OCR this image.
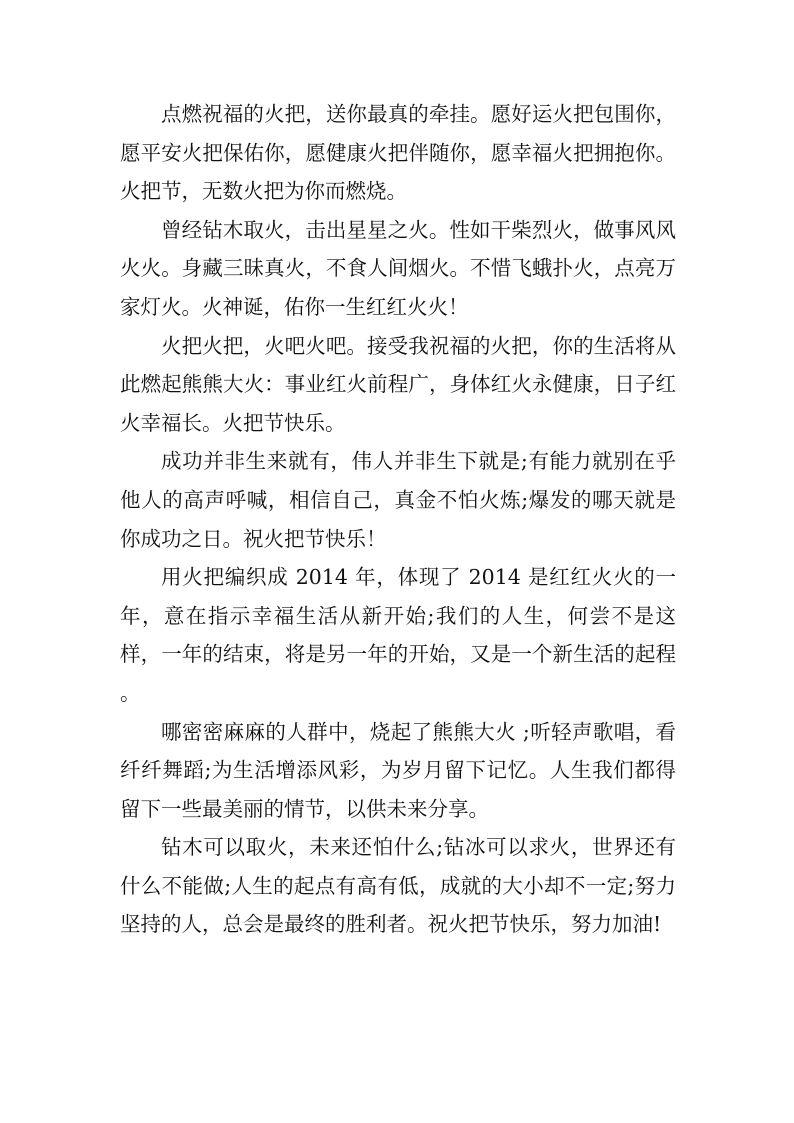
点燃祝福的火把，送你最真的牵挂。愿好运火把包围你，愿平安火把保佑你，愿健康火把伴随你，愿幸福火把拥抱你。火把节，无数火把为你而燃烧。

曾经钻木取火，击出星星之火。性如干柴烈火，做事风风火火。身藏三昧真火，不食人间烟火。不惜飞蛾扑火，点亮万家灯火。火神诞，佑你一生红红火火！

火把火把，火吧火吧。接受我祝福的火把，你的生活将从此燃起熊熊大火：事业红火前程广，身体红火永健康，日子红火幸福长。火把节快乐。

成功并非生来就有，伟人并非生下就是;有能力就别在乎他人的高声呼喊，相信自己，真金不怕火炼;爆发的哪天就是你成功之日。祝火把节快乐！

用火把编织成 2014 年，体现了 2014 是红红火火的一年，意在指示幸福生活从新开始;我们的人生，何尝不是这样，一年的结束，将是另一年的开始，又是一个新生活的起程 。

哪密密麻麻的人群中，烧起了熊熊大火 ;听轻声歌唱，看纤纤舞蹈;为生活增添风彩，为岁月留下记忆。人生我们都得留下一些最美丽的情节，以供未来分享。

钻木可以取火，未来还怕什么;钻冰可以求火，世界还有什么不能做;人生的起点有高有低，成就的大小却不一定;努力坚持的人，总会是最终的胜利者。祝火把节快乐，努力加油!
